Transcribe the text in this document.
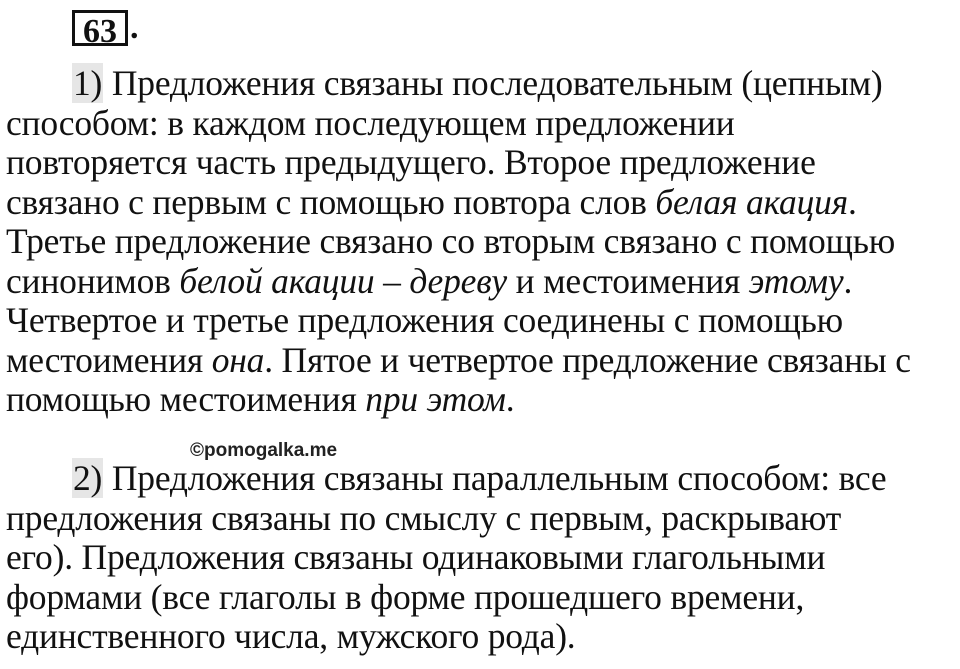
63 .
1) Предложения связаны последовательным (цепным)
способом: в каждом последующем предложении
повторяется часть предыдущего. Второе предложение
связано с первым с помощью повтора слов белая акация.
Третье предложение связано со вторым связано с помощью
синонимов белой акации – дереву и местоимения этому.
Четвертое и третье предложения соединены с помощью
местоимения она. Пятое и четвертое предложение связаны с
помощью местоимения при этом.
©pomogalka.me
2) Предложения связаны параллельным способом: все
предложения связаны по смыслу с первым, раскрывают
его). Предложения связаны одинаковыми глагольными
формами (все глаголы в форме прошедшего времени,
единственного числа, мужского рода).
